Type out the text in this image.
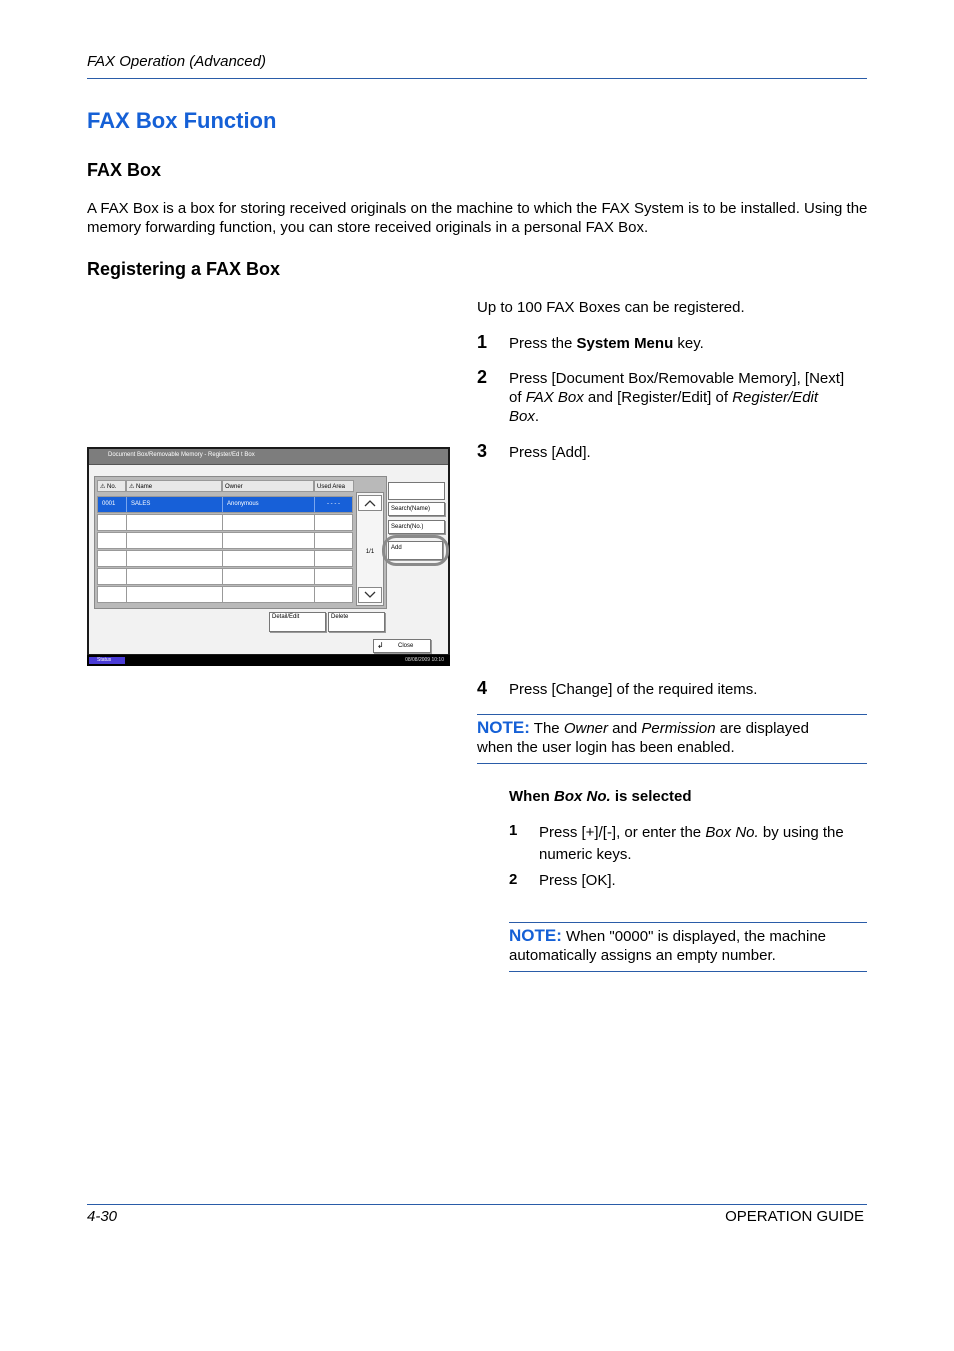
FAX Operation (Advanced)
FAX Box Function
FAX Box
A FAX Box is a box for storing received originals on the machine to which the FAX System is to be installed. Using the memory forwarding function, you can store received originals in a personal FAX Box.
Registering a FAX Box
Up to 100 FAX Boxes can be registered.
1 Press the System Menu key.
2 Press [Document Box/Removable Memory], [Next]
of FAX Box and [Register/Edit] of Register/Edit
Box.
3 Press [Add].
4 Press [Change] of the required items.
NOTE: The Owner and Permission are displayed
when the user login has been enabled.
When Box No. is selected
1 Press [+]/[-], or enter the Box No. by using the
numeric keys.
2 Press [OK].
NOTE: When "0000" is displayed, the machine
automatically assigns an empty number.
Document Box/Removable Memory - Register/Ed t Box
⚠ No.	⚠ Name	Owner	Used Area
0001	SALES	Anonymous	- - - -
1/1
Search(Name)
Search(No.)
Add
Detail/Edit	Delete
↲ Close
Status	08/08/2009 10:10
4-30	OPERATION GUIDE
